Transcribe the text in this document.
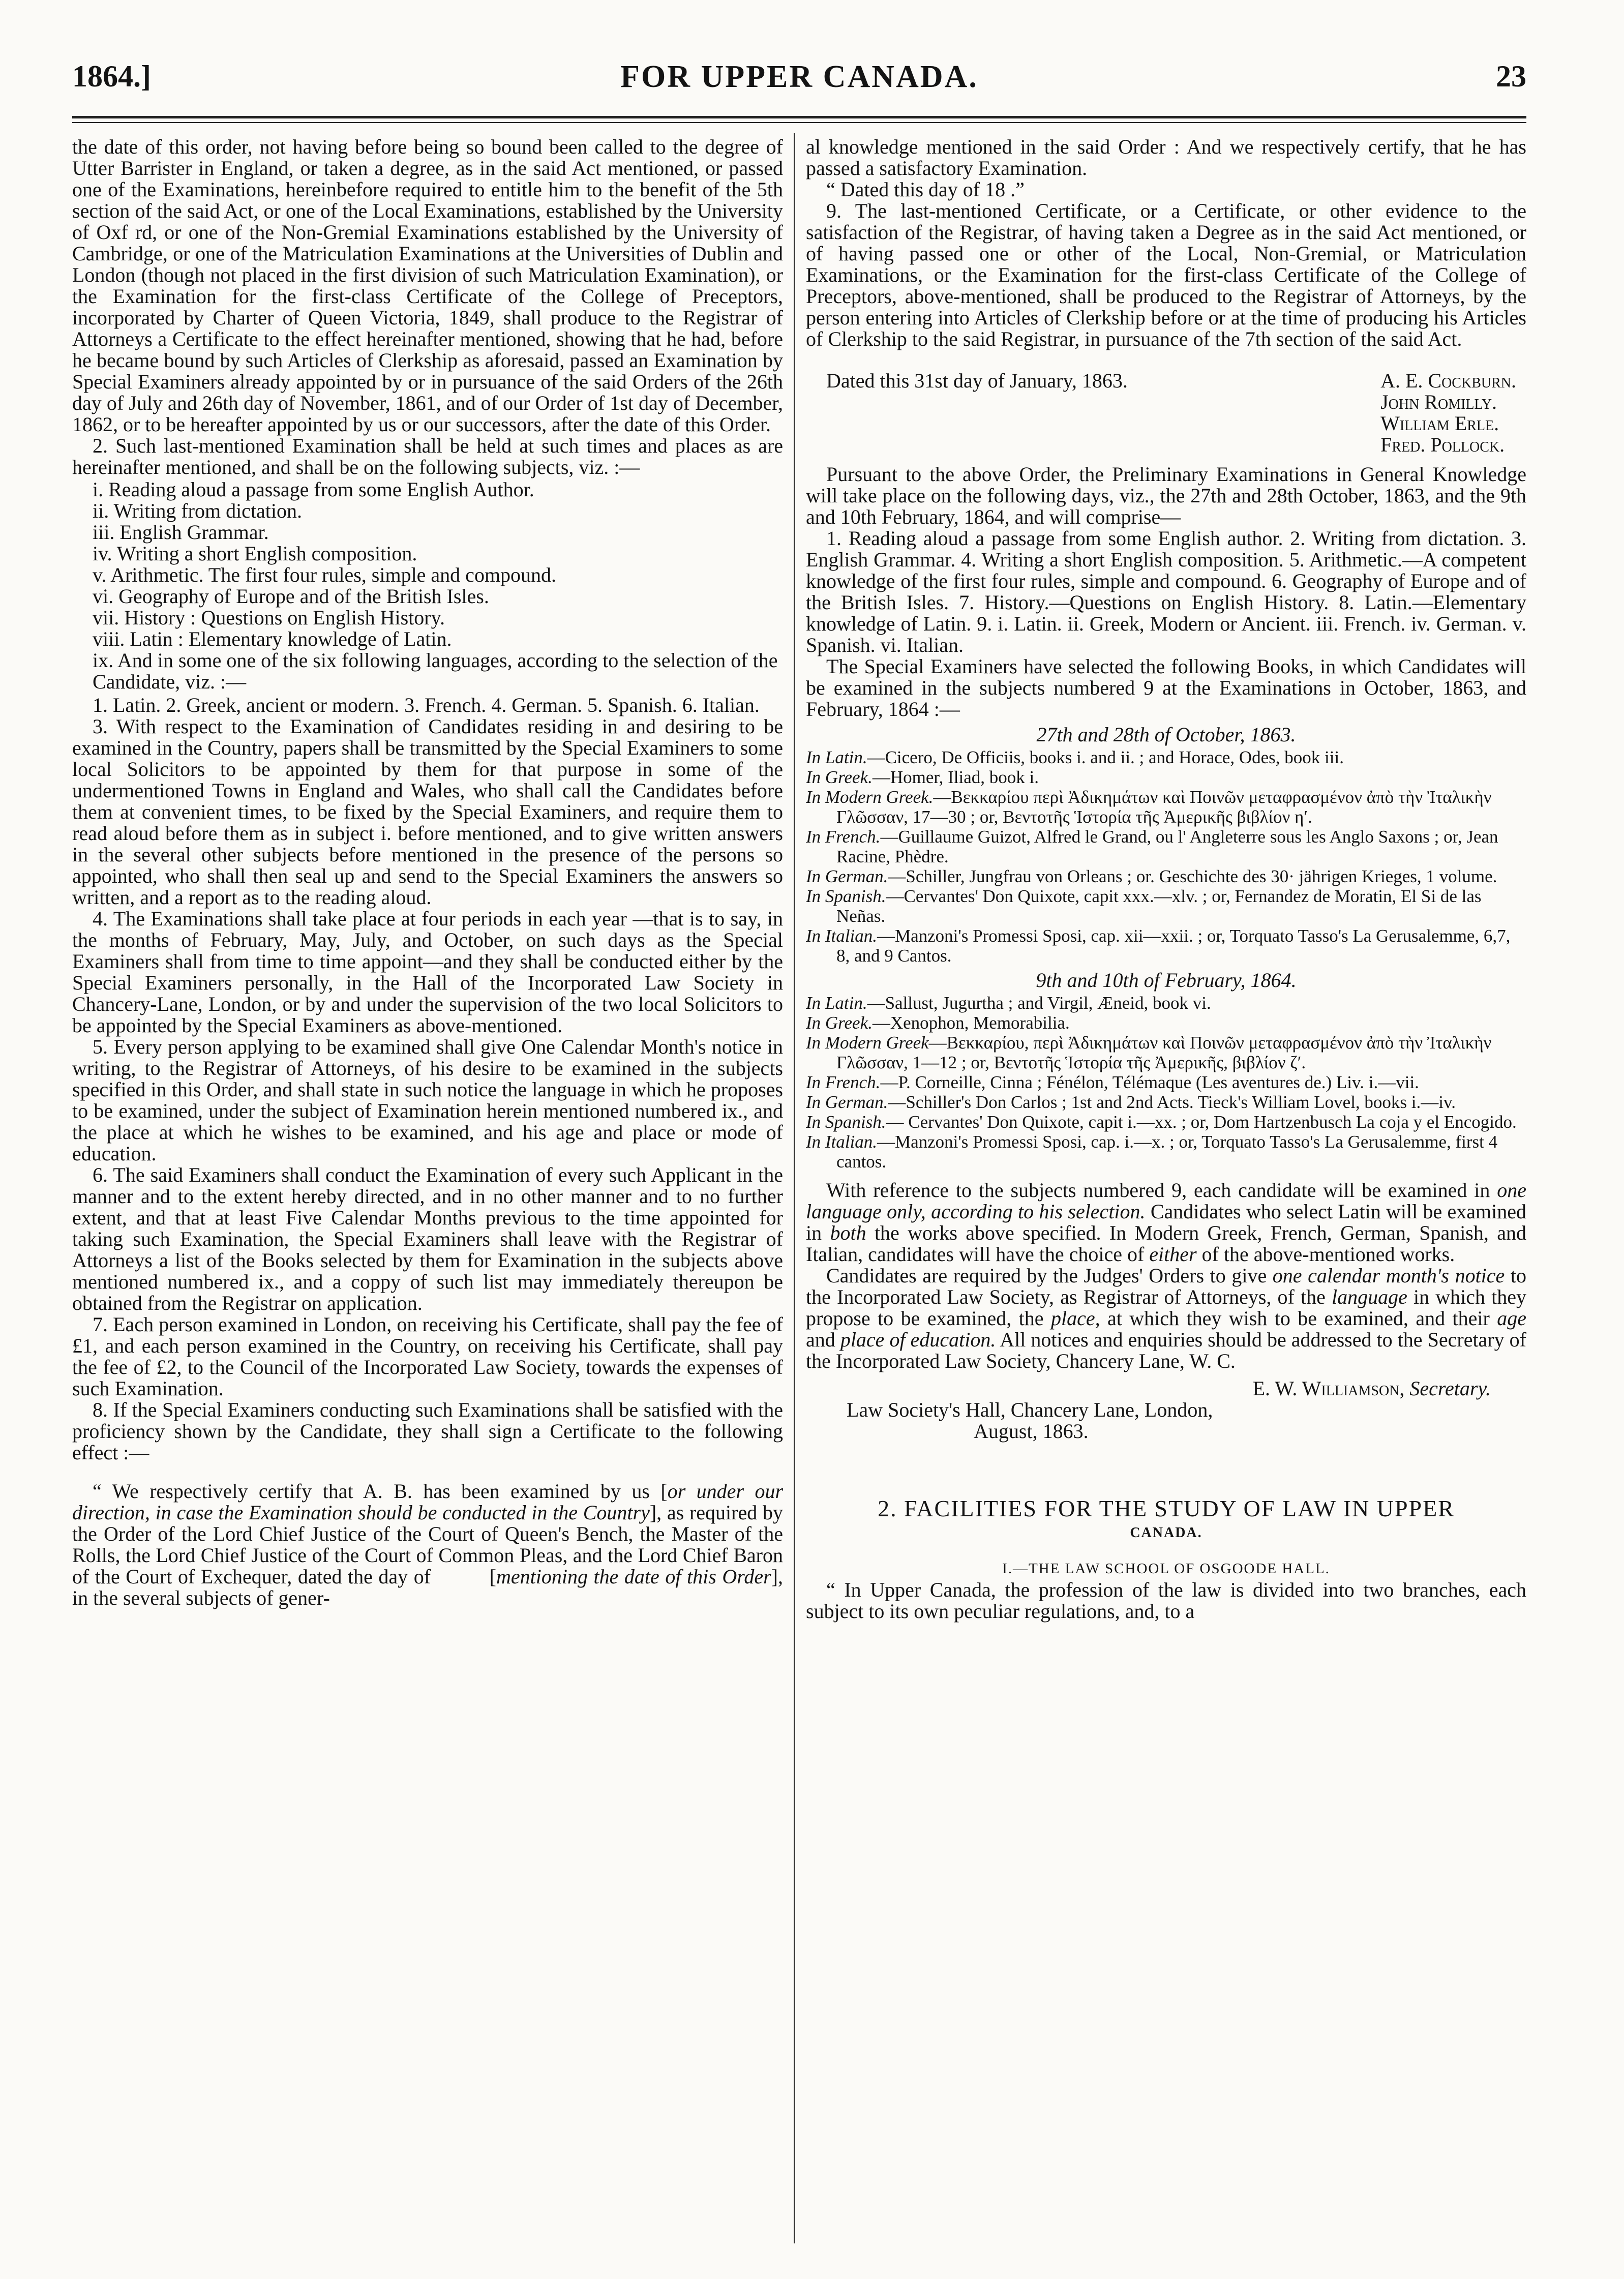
1864.]	FOR UPPER CANADA.	23

the date of this order, not having before being so bound been called to the degree of Utter Barrister in England, or taken a degree, as in the said Act mentioned, or passed one of the Examinations, hereinbefore required to entitle him to the benefit of the 5th section of the said Act, or one of the Local Examinations, established by the University of Oxf rd, or one of the Non-Gremial Examinations established by the University of Cambridge, or one of the Matriculation Examinations at the Universities of Dublin and London (though not placed in the first division of such Matriculation Examination), or the Examination for the first-class Certificate of the College of Preceptors, incorporated by Charter of Queen Victoria, 1849, shall produce to the Registrar of Attorneys a Certificate to the effect hereinafter mentioned, showing that he had, before he became bound by such Articles of Clerkship as aforesaid, passed an Examination by Special Examiners already appointed by or in pursuance of the said Orders of the 26th day of July and 26th day of November, 1861, and of our Order of 1st day of December, 1862, or to be hereafter appointed by us or our successors, after the date of this Order.

2. Such last-mentioned Examination shall be held at such times and places as are hereinafter mentioned, and shall be on the following subjects, viz. :—

i. Reading aloud a passage from some English Author.
ii. Writing from dictation.
iii. English Grammar.
iv. Writing a short English composition.
v. Arithmetic. The first four rules, simple and compound.
vi. Geography of Europe and of the British Isles.
vii. History : Questions on English History.
viii. Latin : Elementary knowledge of Latin.
ix. And in some one of the six following languages, according to the selection of the Candidate, viz. :—

1. Latin. 2. Greek, ancient or modern. 3. French. 4. German. 5. Spanish. 6. Italian.

3. With respect to the Examination of Candidates residing in and desiring to be examined in the Country, papers shall be transmitted by the Special Examiners to some local Solicitors to be appointed by them for that purpose in some of the undermentioned Towns in England and Wales, who shall call the Candidates before them at convenient times, to be fixed by the Special Examiners, and require them to read aloud before them as in subject i. before mentioned, and to give written answers in the several other subjects before mentioned in the presence of the persons so appointed, who shall then seal up and send to the Special Examiners the answers so written, and a report as to the reading aloud.

4. The Examinations shall take place at four periods in each year —that is to say, in the months of February, May, July, and October, on such days as the Special Examiners shall from time to time appoint—and they shall be conducted either by the Special Examiners personally, in the Hall of the Incorporated Law Society in Chancery-Lane, London, or by and under the supervision of the two local Solicitors to be appointed by the Special Examiners as above-mentioned.

5. Every person applying to be examined shall give One Calendar Month's notice in writing, to the Registrar of Attorneys, of his desire to be examined in the subjects specified in this Order, and shall state in such notice the language in which he proposes to be examined, under the subject of Examination herein mentioned numbered ix., and the place at which he wishes to be examined, and his age and place or mode of education.

6. The said Examiners shall conduct the Examination of every such Applicant in the manner and to the extent hereby directed, and in no other manner and to no further extent, and that at least Five Calendar Months previous to the time appointed for taking such Examination, the Special Examiners shall leave with the Registrar of Attorneys a list of the Books selected by them for Examination in the subjects above mentioned numbered ix., and a coppy of such list may immediately thereupon be obtained from the Registrar on application.

7. Each person examined in London, on receiving his Certificate, shall pay the fee of £1, and each person examined in the Country, on receiving his Certificate, shall pay the fee of £2, to the Council of the Incorporated Law Society, towards the expenses of such Examination.

8. If the Special Examiners conducting such Examinations shall be satisfied with the proficiency shown by the Candidate, they shall sign a Certificate to the following effect :—

“ We respectively certify that A. B. has been examined by us [or under our direction, in case the Examination should be conducted in the Country], as required by the Order of the Lord Chief Justice of the Court of Queen's Bench, the Master of the Rolls, the Lord Chief Justice of the Court of Common Pleas, and the Lord Chief Baron of the Court of Exchequer, dated the day of          [mentioning the date of this Order], in the several subjects of gener-

al knowledge mentioned in the said Order : And we respectively certify, that he has passed a satisfactory Examination.

“ Dated this day of 18 .”

9. The last-mentioned Certificate, or a Certificate, or other evidence to the satisfaction of the Registrar, of having taken a Degree as in the said Act mentioned, or of having passed one or other of the Local, Non-Gremial, or Matriculation Examinations, or the Examination for the first-class Certificate of the College of Preceptors, above-mentioned, shall be produced to the Registrar of Attorneys, by the person entering into Articles of Clerkship before or at the time of producing his Articles of Clerkship to the said Registrar, in pursuance of the 7th section of the said Act.

Dated this 31st day of January, 1863.	A. E. Cockburn.
John Romilly.
William Erle.
Fred. Pollock.

Pursuant to the above Order, the Preliminary Examinations in General Knowledge will take place on the following days, viz., the 27th and 28th October, 1863, and the 9th and 10th February, 1864, and will comprise—

1. Reading aloud a passage from some English author. 2. Writing from dictation. 3. English Grammar. 4. Writing a short English composition. 5. Arithmetic.—A competent knowledge of the first four rules, simple and compound. 6. Geography of Europe and of the British Isles. 7. History.—Questions on English History. 8. Latin.—Elementary knowledge of Latin. 9. i. Latin. ii. Greek, Modern or Ancient. iii. French. iv. German. v. Spanish. vi. Italian.

The Special Examiners have selected the following Books, in which Candidates will be examined in the subjects numbered 9 at the Examinations in October, 1863, and February, 1864 :—

27th and 28th of October, 1863.

In Latin.—Cicero, De Officiis, books i. and ii. ; and Horace, Odes, book iii.

In Greek.—Homer, Iliad, book i.

In Modern Greek.—Βεκκαρίου περὶ Ἀδικημάτων καὶ Ποινῶν μεταφρασμένον ἀπὸ τὴν Ἰταλικὴν Γλῶσσαν, 17—30 ; or, Βεντοτῆς Ἱστορία τῆς Ἀμερικῆς βιβλίον η′.

In French.—Guillaume Guizot, Alfred le Grand, ou l' Angleterre sous les Anglo Saxons ; or, Jean Racine, Phèdre.

In German.—Schiller, Jungfrau von Orleans ; or. Geschichte des 30· jährigen Krieges, 1 volume.

In Spanish.—Cervantes' Don Quixote, capit xxx.—xlv. ; or, Fernandez de Moratin, El Si de las Neñas.

In Italian.—Manzoni's Promessi Sposi, cap. xii—xxii. ; or, Torquato Tasso's La Gerusalemme, 6,7, 8, and 9 Cantos.

9th and 10th of February, 1864.

In Latin.—Sallust, Jugurtha ; and Virgil, Æneid, book vi.

In Greek.—Xenophon, Memorabilia.

In Modern Greek—Βεκκαρίου, περὶ Ἀδικημάτων καὶ Ποινῶν μεταφρασμένον ἀπὸ τὴν Ἰταλικὴν Γλῶσσαν, 1—12 ; or, Βεντοτῆς Ἱστορία τῆς Ἀμερικῆς, βιβλίον ζ′.

In French.—P. Corneille, Cinna ; Fénélon, Télémaque (Les aventures de.) Liv. i.—vii.

In German.—Schiller's Don Carlos ; 1st and 2nd Acts. Tieck's William Lovel, books i.—iv.

In Spanish.— Cervantes' Don Quixote, capit i.—xx. ; or, Dom Hartzenbusch La coja y el Encogido.

In Italian.—Manzoni's Promessi Sposi, cap. i.—x. ; or, Torquato Tasso's La Gerusalemme, first 4 cantos.

With reference to the subjects numbered 9, each candidate will be examined in one language only, according to his selection. Candidates who select Latin will be examined in both the works above specified. In Modern Greek, French, German, Spanish, and Italian, candidates will have the choice of either of the above-mentioned works.

Candidates are required by the Judges' Orders to give one calendar month's notice to the Incorporated Law Society, as Registrar of Attorneys, of the language in which they propose to be examined, the place, at which they wish to be examined, and their age and place of education. All notices and enquiries should be addressed to the Secretary of the Incorporated Law Society, Chancery Lane, W. C.

E. W. Williamson, Secretary.
Law Society's Hall, Chancery Lane, London,
August, 1863.
2. FACILITIES FOR THE STUDY OF LAW IN UPPER
CANADA.
I.—THE LAW SCHOOL OF OSGOODE HALL.

“ In Upper Canada, the profession of the law is divided into two branches, each subject to its own peculiar regulations, and, to a
